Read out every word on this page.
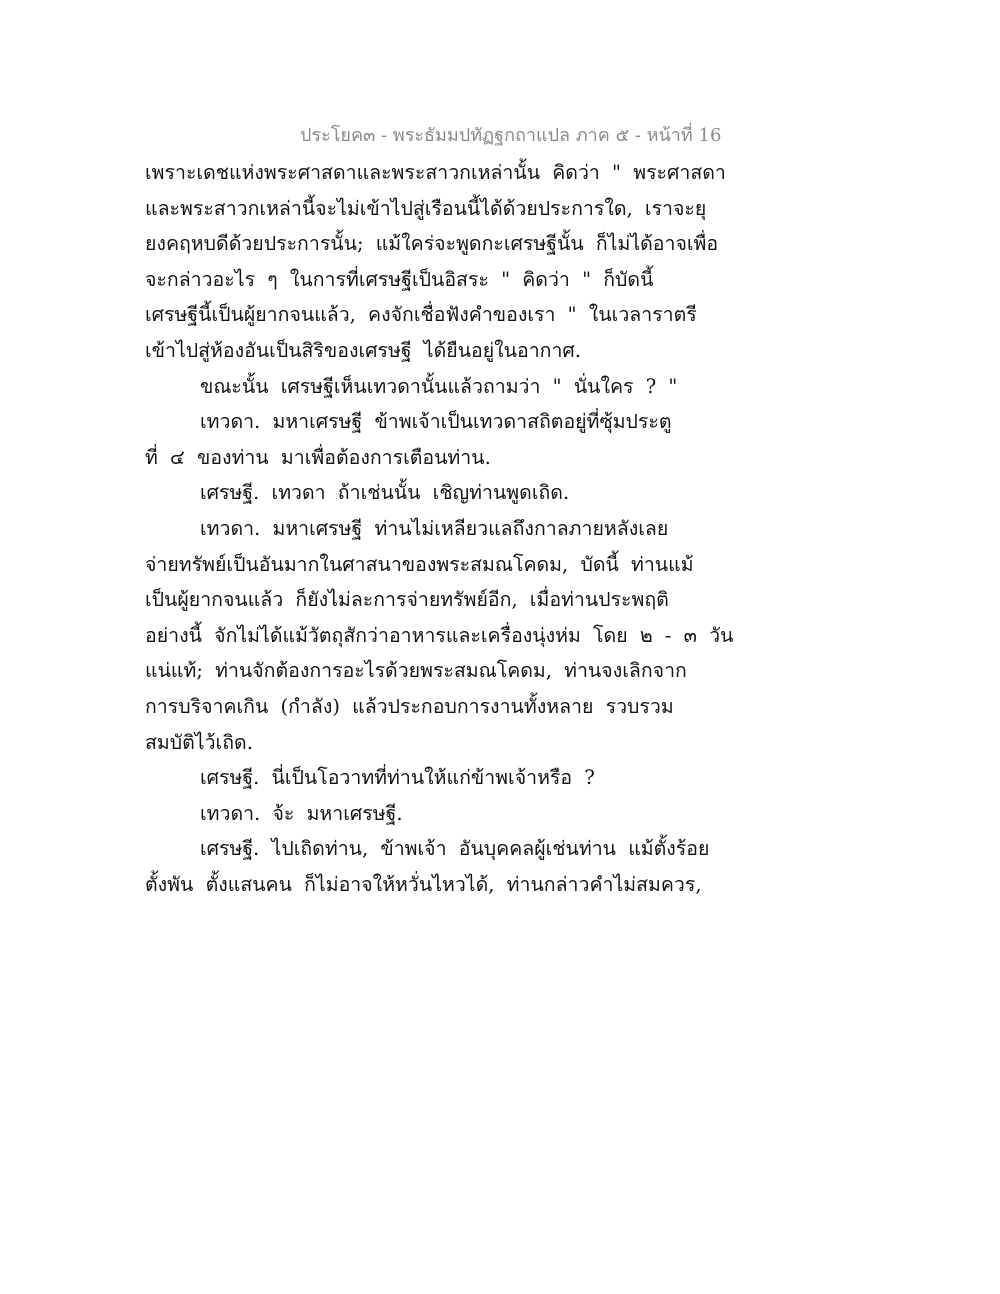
ประโยค๓ - พระธัมมปทัฏฐกถาแปล ภาค ๕ - หน้าที่ 16
เพราะเดชแห่งพระศาสดาและพระสาวกเหล่านั้น คิดว่า " พระศาสดา
และพระสาวกเหล่านี้จะไม่เข้าไปสู่เรือนนี้ได้ด้วยประการใด, เราจะยุ
ยงคฤหบดีด้วยประการนั้น; แม้ใคร่จะพูดกะเศรษฐีนั้น ก็ไม่ได้อาจเพื่อ
จะกล่าวอะไร ๆ ในการที่เศรษฐีเป็นอิสระ " คิดว่า " ก็บัดนี้
เศรษฐีนี้เป็นผู้ยากจนแล้ว, คงจักเชื่อฟังคำของเรา " ในเวลาราตรี
เข้าไปสู่ห้องอันเป็นสิริของเศรษฐี ได้ยืนอยู่ในอากาศ.
ขณะนั้น เศรษฐีเห็นเทวดานั้นแล้วถามว่า " นั่นใคร ? "
เทวดา. มหาเศรษฐี ข้าพเจ้าเป็นเทวดาสถิตอยู่ที่ซุ้มประตู
ที่ ๔ ของท่าน มาเพื่อต้องการเตือนท่าน.
เศรษฐี. เทวดา ถ้าเช่นนั้น เชิญท่านพูดเถิด.
เทวดา. มหาเศรษฐี ท่านไม่เหลียวแลถึงกาลภายหลังเลย
จ่ายทรัพย์เป็นอันมากในศาสนาของพระสมณโคดม, บัดนี้ ท่านแม้
เป็นผู้ยากจนแล้ว ก็ยังไม่ละการจ่ายทรัพย์อีก, เมื่อท่านประพฤติ
อย่างนี้ จักไม่ได้แม้วัตถุสักว่าอาหารและเครื่องนุ่งห่ม โดย ๒ - ๓ วัน
แน่แท้; ท่านจักต้องการอะไรด้วยพระสมณโคดม, ท่านจงเลิกจาก
การบริจาคเกิน (กำลัง) แล้วประกอบการงานทั้งหลาย รวบรวม
สมบัติไว้เถิด.
เศรษฐี. นี่เป็นโอวาทที่ท่านให้แก่ข้าพเจ้าหรือ ?
เทวดา. จ้ะ มหาเศรษฐี.
เศรษฐี. ไปเถิดท่าน, ข้าพเจ้า อันบุคคลผู้เช่นท่าน แม้ตั้งร้อย
ตั้งพัน ตั้งแสนคน ก็ไม่อาจให้หวั่นไหวได้, ท่านกล่าวคำไม่สมควร,
